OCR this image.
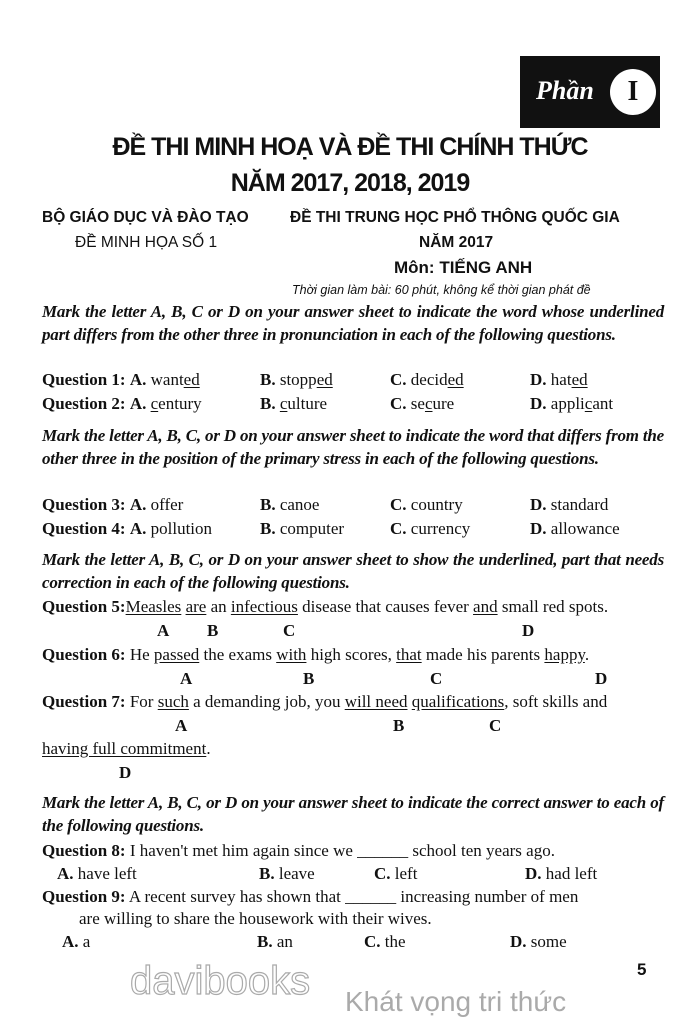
Phần	I
ĐỀ THI MINH HOẠ VÀ ĐỀ THI CHÍNH THỨC
NĂM 2017, 2018, 2019
BỘ GIÁO DỤC VÀ ĐÀO TẠO
ĐỀ MINH HỌA SỐ 1
ĐỀ THI TRUNG HỌC PHỔ THÔNG QUỐC GIA
NĂM 2017
Môn: TIẾNG ANH
Thời gian làm bài: 60 phút, không kể thời gian phát đề
Mark the letter A, B, C or D on your answer sheet to indicate the word whose underlined part differs from the other three in pronunciation in each of the following questions.
Question 1: A. wanted	B. stopped	C. decided	D. hated
Question 2: A. century	B. culture	C. secure	D. applicant
Mark the letter A, B, C, or D on your answer sheet to indicate the word that differs from the other three in the position of the primary stress in each of the following questions.
Question 3: A. offer	B. canoe	C. country	D. standard
Question 4: A. pollution	B. computer	C. currency	D. allowance
Mark the letter A, B, C, or D on your answer sheet to show the underlined, part that needs correction in each of the following questions.
Question 5:Measles are an infectious disease that causes fever and small red spots.
A B	C	D
Question 6: He passed the exams with high scores, that made his parents happy.
A	B	C	D
Question 7: For such a demanding job, you will need qualifications, soft skills and
A	B	C
having full commitment.
D
Mark the letter A, B, C, or D on your answer sheet to indicate the correct answer to each of the following questions.
Question 8: I haven't met him again since we ______ school ten years ago.
A. have left	B. leave	C. left	D. had left
Question 9: A recent survey has shown that ______ increasing number of men
are willing to share the housework with their wives.
A. a	B. an	C. the	D. some
davibooks Khát vọng tri thức
5
